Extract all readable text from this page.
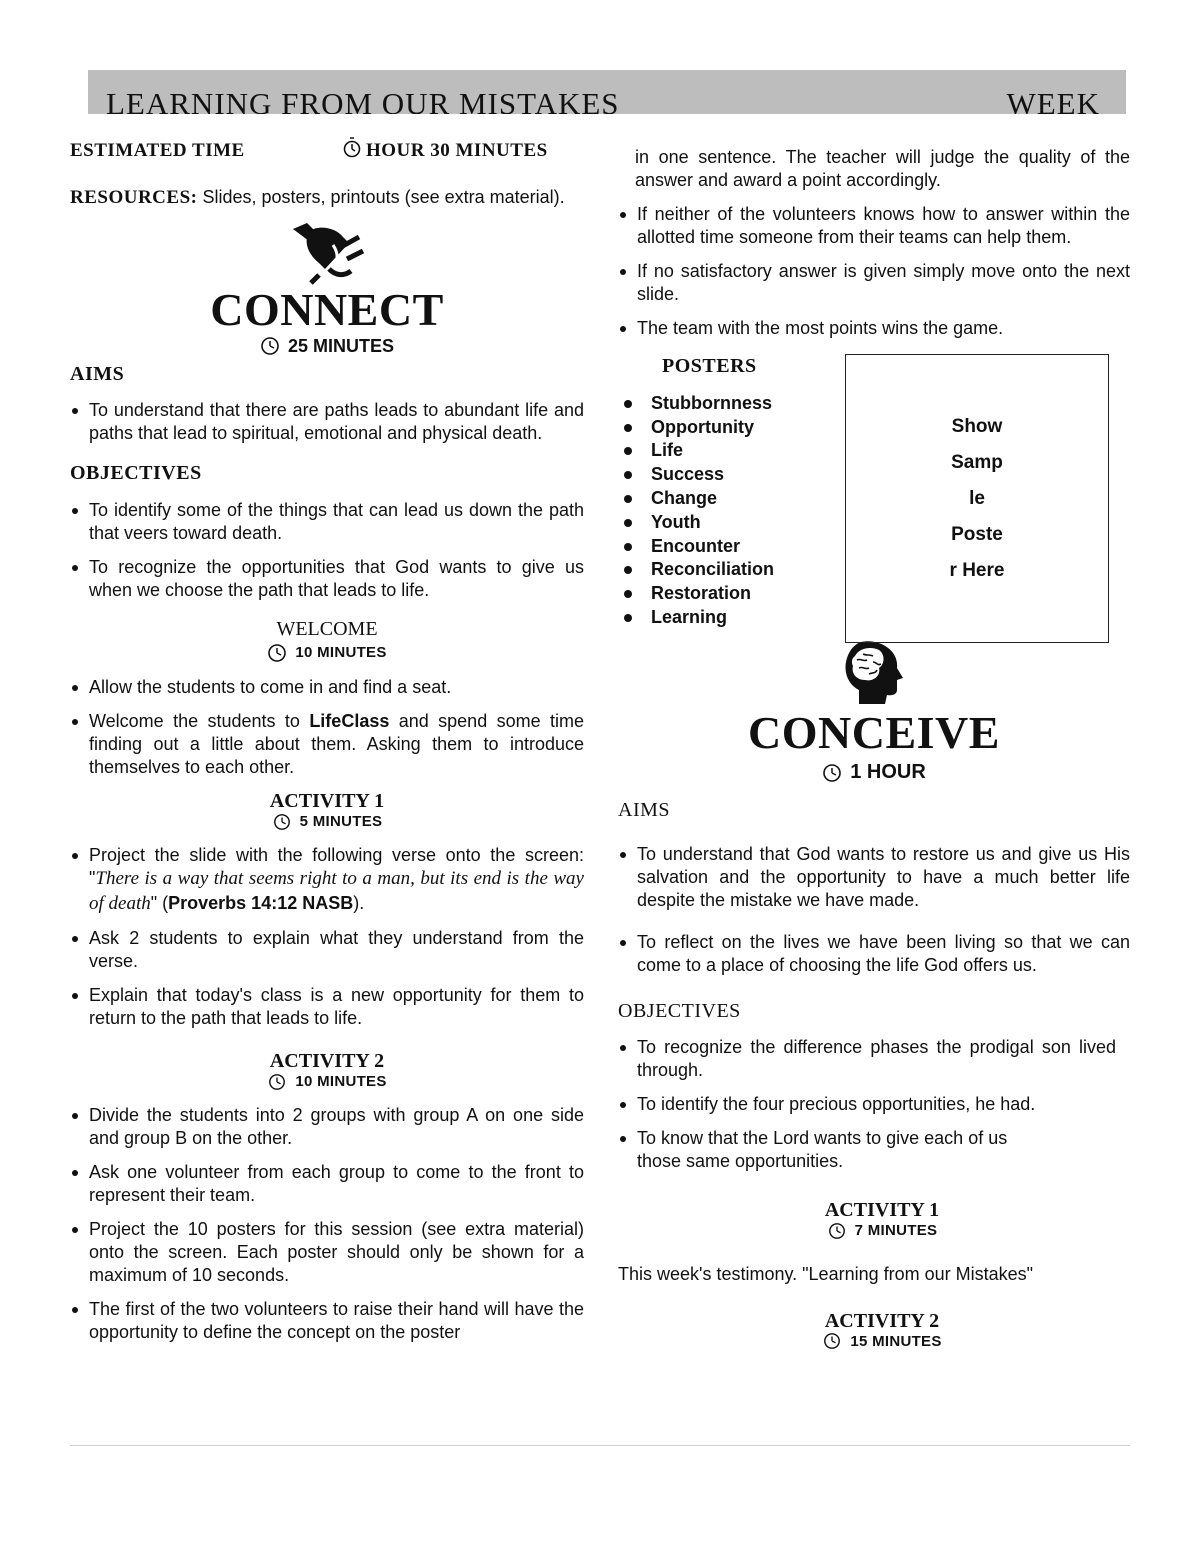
LEARNING FROM OUR MISTAKES	WEEK
ESTIMATED TIME	HOUR 30 MINUTES
RESOURCES: Slides, posters, printouts (see extra material).
CONNECT
25 MINUTES
AIMS
To understand that there are paths leads to abundant life and paths that lead to spiritual, emotional and physical death.
OBJECTIVES
To identify some of the things that can lead us down the path that veers toward death.
To recognize the opportunities that God wants to give us when we choose the path that leads to life.
WELCOME
10 MINUTES
Allow the students to come in and find a seat.
Welcome the students to LifeClass and spend some time finding out a little about them. Asking them to introduce themselves to each other.
ACTIVITY 1
5 MINUTES
Project the slide with the following verse onto the screen: "There is a way that seems right to a man, but its end is the way of death" (Proverbs 14:12 NASB).
Ask 2 students to explain what they understand from the verse.
Explain that today's class is a new opportunity for them to return to the path that leads to life.
ACTIVITY 2
10 MINUTES
Divide the students into 2 groups with group A on one side and group B on the other.
Ask one volunteer from each group to come to the front to represent their team.
Project the 10 posters for this session (see extra material) onto the screen. Each poster should only be shown for a maximum of 10 seconds.
The first of the two volunteers to raise their hand will have the opportunity to define the concept on the poster
in one sentence. The teacher will judge the quality of the answer and award a point accordingly.
If neither of the volunteers knows how to answer within the allotted time someone from their teams can help them.
If no satisfactory answer is given simply move onto the next slide.
The team with the most points wins the game.
POSTERS
Stubbornness
Opportunity
Life
Success
Change
Youth
Encounter
Reconciliation
Restoration
Learning
Show
Samp
le
Poste
r Here
CONCEIVE
1 HOUR
AIMS
To understand that God wants to restore us and give us His salvation and the opportunity to have a much better life despite the mistake we have made.
To reflect on the lives we have been living so that we can come to a place of choosing the life God offers us.
OBJECTIVES
To recognize the difference phases the prodigal son lived through.
To identify the four precious opportunities, he had.
To know that the Lord wants to give each of us those same opportunities.
ACTIVITY 1
7 MINUTES
This week's testimony. "Learning from our Mistakes"
ACTIVITY 2
15 MINUTES
